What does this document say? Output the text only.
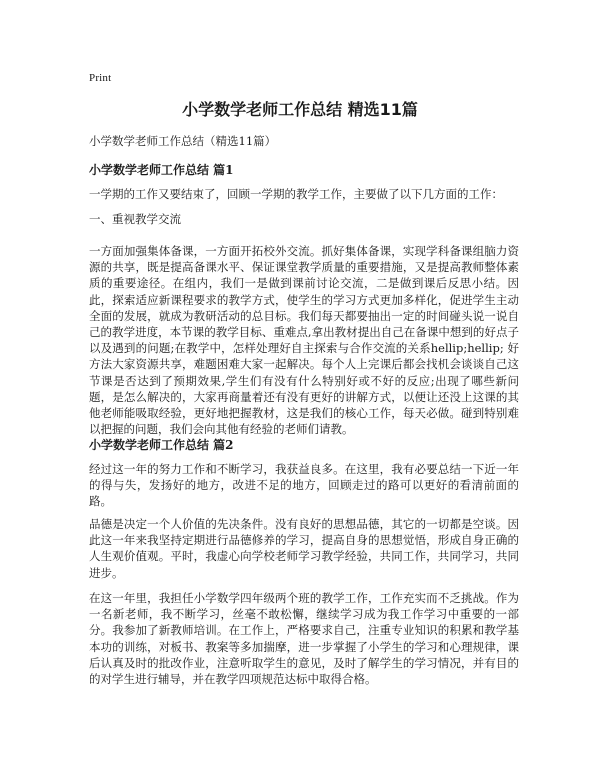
Print
小学数学老师工作总结 精选11篇
小学数学老师工作总结（精选11篇）
小学数学老师工作总结 篇1
一学期的工作又要结束了，回顾一学期的教学工作，主要做了以下几方面的工作：
一、重视教学交流
一方面加强集体备课，一方面开拓校外交流。抓好集体备课，实现学科备课组脑力资源的共享，既是提高备课水平、保证课堂教学质量的重要措施，又是提高教师整体素质的重要途径。在组内，我们一是做到课前讨论交流，二是做到课后反思小结。因此，探索适应新课程要求的教学方式，使学生的学习方式更加多样化，促进学生主动全面的发展，就成为教研活动的总目标。我们每天都要抽出一定的时间碰头说一说自己的教学进度，本节课的教学目标、重难点,拿出教材提出自己在备课中想到的好点子以及遇到的问题;在教学中，怎样处理好自主探索与合作交流的关系hellip;hellip; 好方法大家资源共享，难题困难大家一起解决。每个人上完课后都会找机会谈谈自己这节课是否达到了预期效果,学生们有没有什么特别好或不好的反应;出现了哪些新问题，是怎么解决的，大家再商量着还有没有更好的讲解方式，以便让还没上这课的其他老师能吸取经验，更好地把握教材，这是我们的核心工作，每天必做。碰到特别难以把握的问题，我们会向其他有经验的老师们请教。
小学数学老师工作总结 篇2
经过这一年的努力工作和不断学习，我获益良多。在这里，我有必要总结一下近一年的得与失，发扬好的地方，改进不足的地方，回顾走过的路可以更好的看清前面的路。
品德是决定一个人价值的先决条件。没有良好的思想品德，其它的一切都是空谈。因此这一年来我坚持定期进行品德修养的学习，提高自身的思想觉悟，形成自身正确的人生观价值观。平时，我虚心向学校老师学习教学经验，共同工作，共同学习，共同进步。
在这一年里，我担任小学数学四年级两个班的教学工作，工作充实而不乏挑战。作为一名新老师，我不断学习，丝毫不敢松懈，继续学习成为我工作学习中重要的一部分。我参加了新教师培训。在工作上，严格要求自己，注重专业知识的积累和教学基本功的训练，对板书、教案等多加揣摩，进一步掌握了小学生的学习和心理规律，课后认真及时的批改作业，注意听取学生的意见，及时了解学生的学习情况，并有目的的对学生进行辅导，并在教学四项规范达标中取得合格。
